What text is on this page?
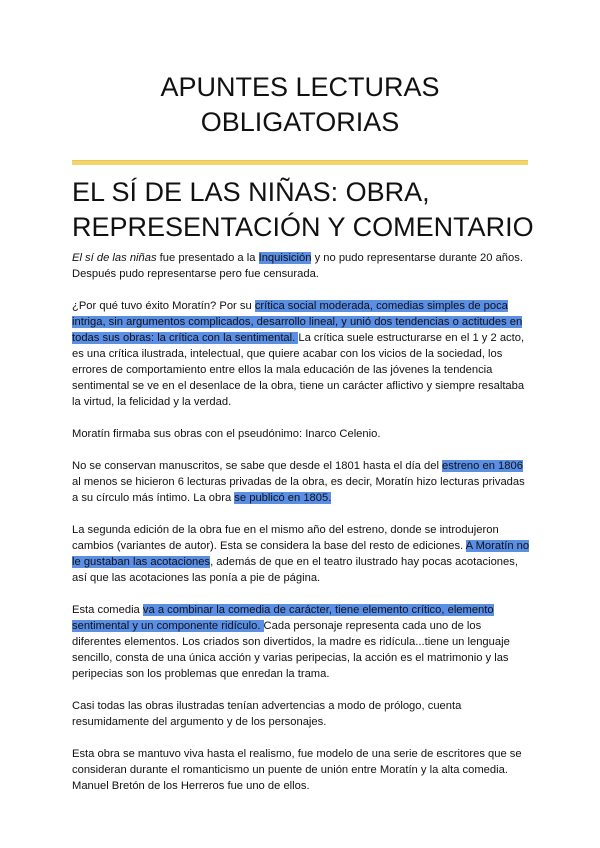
APUNTES LECTURAS
OBLIGATORIAS
EL SÍ DE LAS NIÑAS: OBRA,
REPRESENTACIÓN Y COMENTARIO

El sí de las niñas fue presentado a la Inquisición y no pudo representarse durante 20 años. Después pudo representarse pero fue censurada.

¿Por qué tuvo éxito Moratín? Por su crítica social moderada, comedias simples de poca intriga, sin argumentos complicados, desarrollo lineal, y unió dos tendencias o actitudes en todas sus obras: la crítica con la sentimental. La crítica suele estructurarse en el 1 y 2 acto, es una crítica ilustrada, intelectual, que quiere acabar con los vicios de la sociedad, los errores de comportamiento entre ellos la mala educación de las jóvenes la tendencia sentimental se ve en el desenlace de la obra, tiene un carácter aflictivo y siempre resaltaba la virtud, la felicidad y la verdad.

Moratín firmaba sus obras con el pseudónimo: Inarco Celenio.

No se conservan manuscritos, se sabe que desde el 1801 hasta el día del estreno en 1806 al menos se hicieron 6 lecturas privadas de la obra, es decir, Moratín hizo lecturas privadas a su círculo más íntimo. La obra se publicó en 1805.

La segunda edición de la obra fue en el mismo año del estreno, donde se introdujeron cambios (variantes de autor). Esta se considera la base del resto de ediciones. A Moratín no le gustaban las acotaciones, además de que en el teatro ilustrado hay pocas acotaciones, así que las acotaciones las ponía a pie de página.

Esta comedia va a combinar la comedia de carácter, tiene elemento crítico, elemento sentimental y un componente ridículo. Cada personaje representa cada uno de los diferentes elementos. Los criados son divertidos, la madre es ridícula...tiene un lenguaje sencillo, consta de una única acción y varias peripecias, la acción es el matrimonio y las peripecias son los problemas que enredan la trama.

Casi todas las obras ilustradas tenían advertencias a modo de prólogo, cuenta resumidamente del argumento y de los personajes.

Esta obra se mantuvo viva hasta el realismo, fue modelo de una serie de escritores que se consideran durante el romanticismo un puente de unión entre Moratín y la alta comedia. Manuel Bretón de los Herreros fue uno de ellos.
